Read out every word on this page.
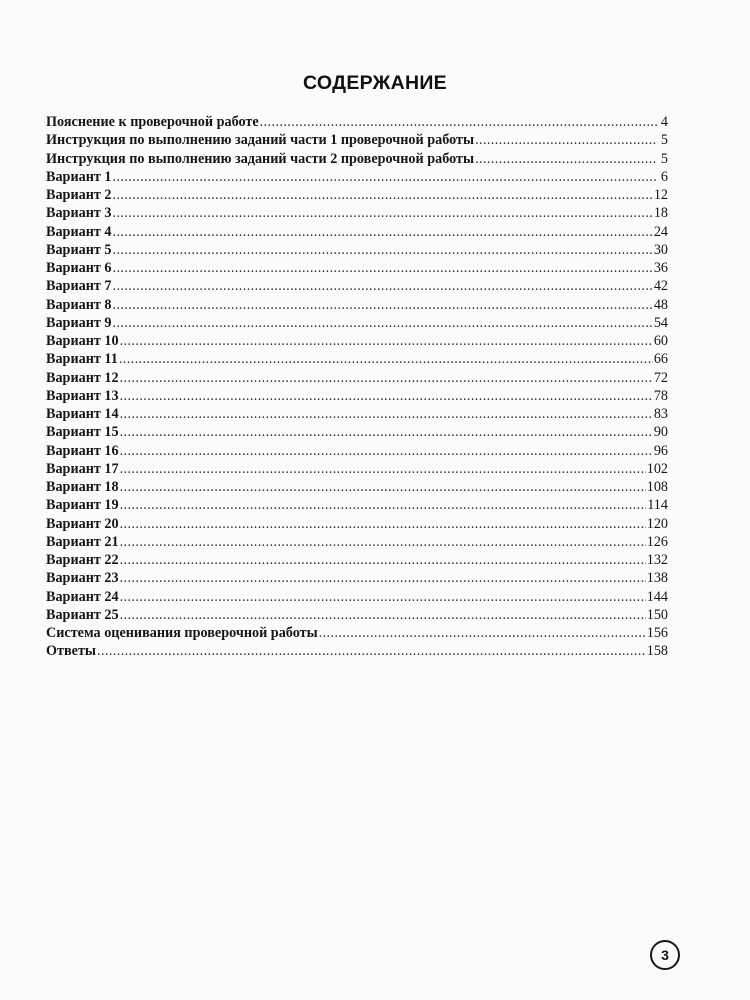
СОДЕРЖАНИЕ
Пояснение к проверочной работе .....	4
Инструкция по выполнению заданий части 1 проверочной работы .....	5
Инструкция по выполнению заданий части 2 проверочной работы .....	5
Вариант 1 .....	6
Вариант 2 .....	12
Вариант 3 .....	18
Вариант 4 .....	24
Вариант 5 .....	30
Вариант 6 .....	36
Вариант 7 .....	42
Вариант 8 .....	48
Вариант 9 .....	54
Вариант 10 .....	60
Вариант 11 .....	66
Вариант 12 .....	72
Вариант 13 .....	78
Вариант 14 .....	83
Вариант 15 .....	90
Вариант 16 .....	96
Вариант 17 .....	102
Вариант 18 .....	108
Вариант 19 .....	114
Вариант 20 .....	120
Вариант 21 .....	126
Вариант 22 .....	132
Вариант 23 .....	138
Вариант 24 .....	144
Вариант 25 .....	150
Система оценивания проверочной работы .....	156
Ответы .....	158
3
